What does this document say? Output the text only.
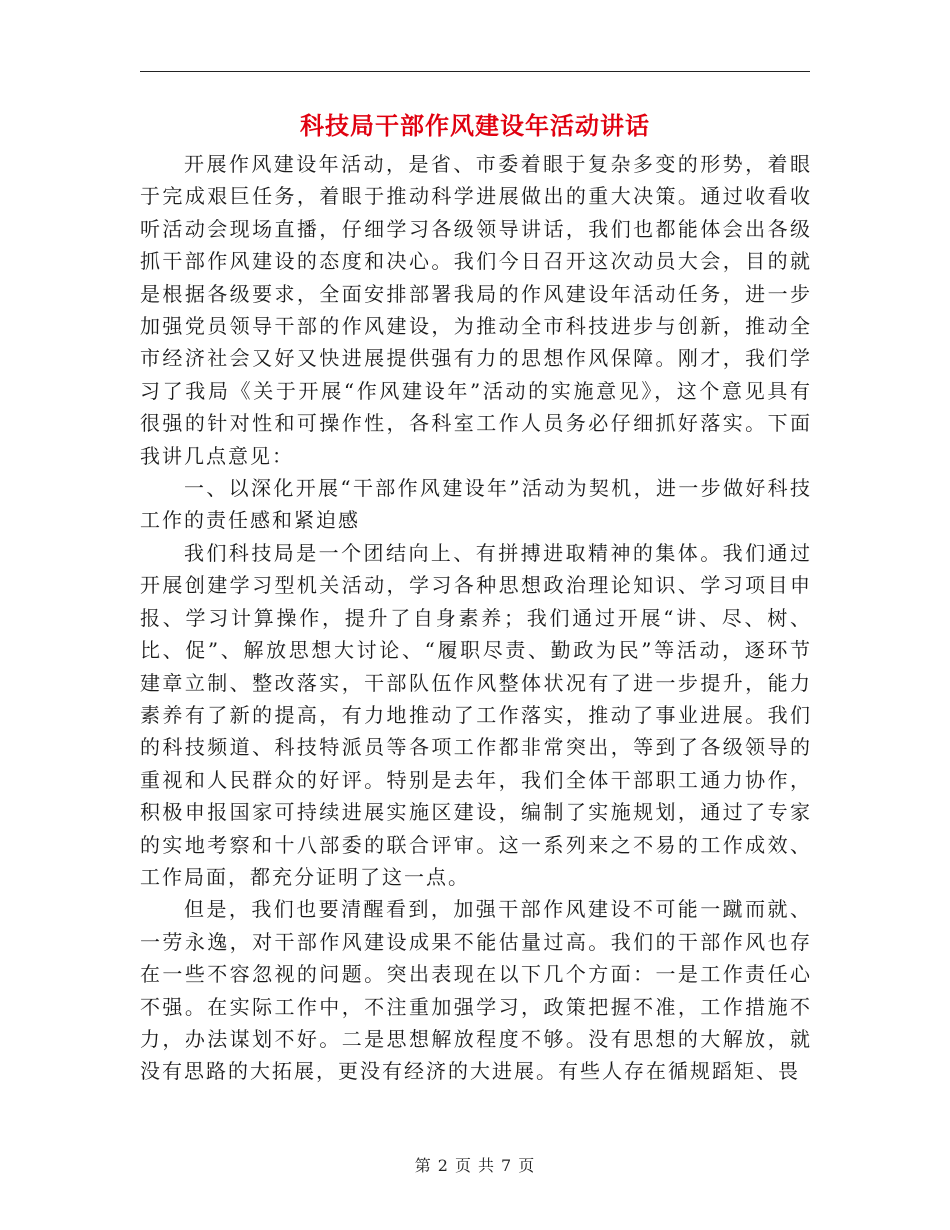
科技局干部作风建设年活动讲话

开展作风建设年活动，是省、市委着眼于复杂多变的形势，着眼于完成艰巨任务，着眼于推动科学进展做出的重大决策。通过收看收听活动会现场直播，仔细学习各级领导讲话，我们也都能体会出各级抓干部作风建设的态度和决心。我们今日召开这次动员大会，目的就是根据各级要求，全面安排部署我局的作风建设年活动任务，进一步加强党员领导干部的作风建设，为推动全市科技进步与创新，推动全市经济社会又好又快进展提供强有力的思想作风保障。刚才，我们学习了我局《关于开展“作风建设年”活动的实施意见》，这个意见具有很强的针对性和可操作性，各科室工作人员务必仔细抓好落实。下面我讲几点意见：

一、以深化开展“干部作风建设年”活动为契机，进一步做好科技工作的责任感和紧迫感

我们科技局是一个团结向上、有拼搏进取精神的集体。我们通过开展创建学习型机关活动，学习各种思想政治理论知识、学习项目申报、学习计算操作，提升了自身素养；我们通过开展“讲、尽、树、比、促”、解放思想大讨论、“履职尽责、勤政为民”等活动，逐环节建章立制、整改落实，干部队伍作风整体状况有了进一步提升，能力素养有了新的提高，有力地推动了工作落实，推动了事业进展。我们的科技频道、科技特派员等各项工作都非常突出，等到了各级领导的重视和人民群众的好评。特别是去年，我们全体干部职工通力协作，积极申报国家可持续进展实施区建设，编制了实施规划，通过了专家的实地考察和十八部委的联合评审。这一系列来之不易的工作成效、工作局面，都充分证明了这一点。

但是，我们也要清醒看到，加强干部作风建设不可能一蹴而就、一劳永逸，对干部作风建设成果不能估量过高。我们的干部作风也存在一些不容忽视的问题。突出表现在以下几个方面：一是工作责任心不强。在实际工作中，不注重加强学习，政策把握不准，工作措施不力，办法谋划不好。二是思想解放程度不够。没有思想的大解放，就没有思路的大拓展，更没有经济的大进展。有些人存在循规蹈矩、畏

第 2 页 共 7 页
